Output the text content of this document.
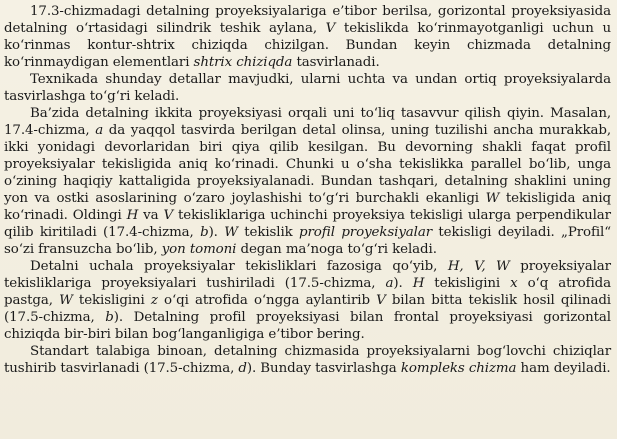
17.3-chizmadagi detalning proyeksiyalariga e’tibor berilsa, gorizontal proyeksiyasida detalning o‘rtasidagi silindrik teshik aylana, V tekislikda ko‘rinmayotganligi uchun u ko‘rinmas kontur-shtrix chiziqda chizilgan. Bundan keyin chizmada detalning ko‘rinmaydigan elementlari shtrix chiziqda tasvirlanadi.

Texnikada shunday detallar mavjudki, ularni uchta va undan ortiq proyeksiyalarda tasvirlashga to‘g‘ri keladi.

Ba’zida detalning ikkita proyeksiyasi orqali uni to‘liq tasavvur qilish qiyin. Masalan, 17.4-chizma, a da yaqqol tasvirda berilgan detal olinsa, uning tuzilishi ancha murakkab, ikki yonidagi devorlaridan biri qiya qilib kesilgan. Bu devorning shakli faqat profil proyeksiyalar tekisligida aniq ko‘rinadi. Chunki u o‘sha tekislikka parallel bo‘lib, unga o‘zining haqiqiy kattaligida proyeksiyalanadi. Bundan tashqari, detalning shaklini uning yon va ostki asoslarining o‘zaro joylashishi to‘g‘ri burchakli ekanligi W tekisligida aniq ko‘rinadi. Oldingi H va V tekisliklariga uchinchi proyeksiya tekisligi ularga perpendikular qilib kiritiladi (17.4-chizma, b). W tekislik profil proyeksiyalar tekisligi deyiladi. „Profil“ so‘zi fransuzcha bo‘lib, yon tomoni degan ma’noga to‘g‘ri keladi.

Detalni uchala proyeksiyalar tekisliklari fazosiga qo‘yib, H, V, W proyeksiyalar tekisliklariga proyeksiyalari tushiriladi (17.5-chizma, a). H tekisligini x o‘q atrofida pastga, W tekisligini z o‘qi atrofida o‘ngga aylantirib V bilan bitta tekislik hosil qilinadi (17.5-chizma, b). Detalning profil proyeksiyasi bilan frontal proyeksiyasi gorizontal chiziqda bir-biri bilan bog‘langanligiga e’tibor bering.

Standart talabiga binoan, detalning chizmasida proyeksiyalarni bog‘lovchi chiziqlar tushirib tasvirlanadi (17.5-chizma, d). Bunday tasvirlashga kompleks chizma ham deyiladi.
